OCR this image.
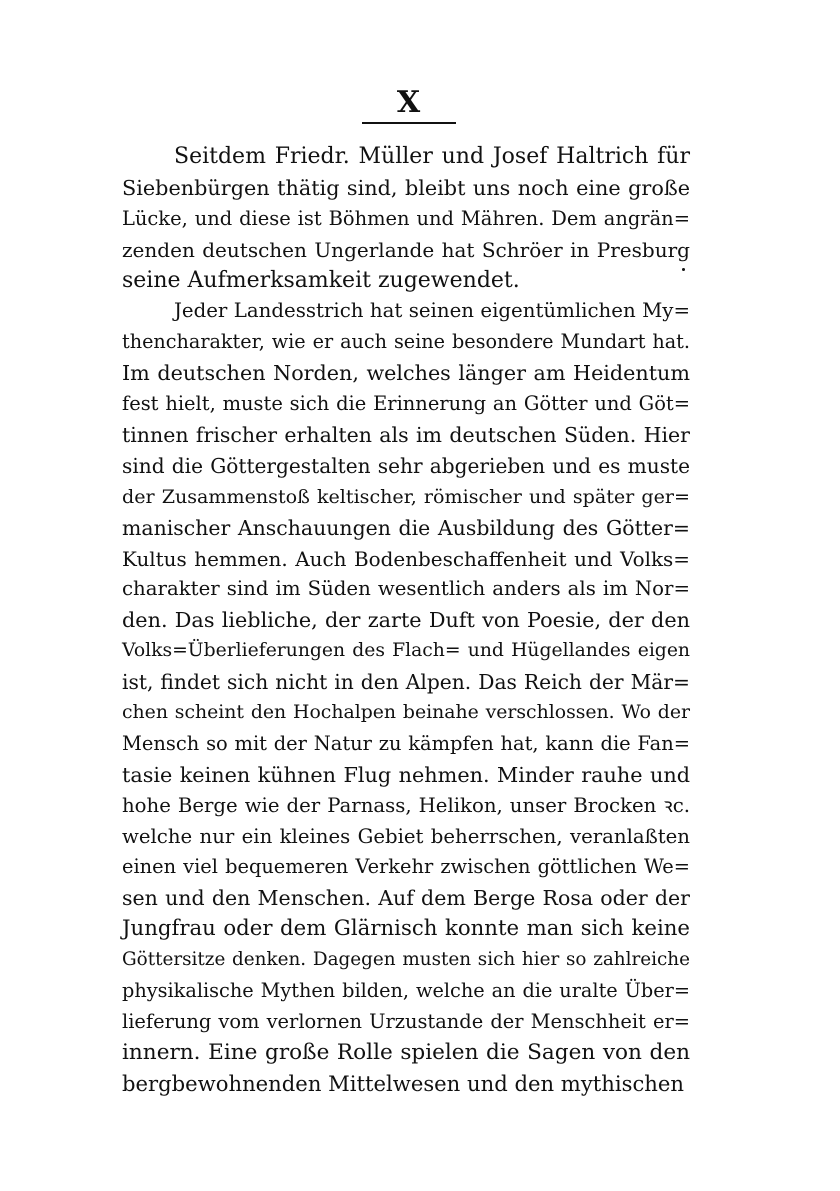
X
Seitdem Friedr. Müller und Josef Haltrich für
Siebenbürgen thätig sind, bleibt uns noch eine große
Lücke, und diese ist Böhmen und Mähren. Dem angrän=
zenden deutschen Ungerlande hat Schröer in Presburg
seine Aufmerksamkeit zugewendet.
Jeder Landesstrich hat seinen eigentümlichen My=
thencharakter, wie er auch seine besondere Mundart hat.
Im deutschen Norden, welches länger am Heidentum
fest hielt, muste sich die Erinnerung an Götter und Göt=
tinnen frischer erhalten als im deutschen Süden. Hier
sind die Göttergestalten sehr abgerieben und es muste
der Zusammenstoß keltischer, römischer und später ger=
manischer Anschauungen die Ausbildung des Götter=
Kultus hemmen. Auch Bodenbeschaffenheit und Volks=
charakter sind im Süden wesentlich anders als im Nor=
den. Das liebliche, der zarte Duft von Poesie, der den
Volks=Überlieferungen des Flach= und Hügellandes eigen
ist, findet sich nicht in den Alpen. Das Reich der Mär=
chen scheint den Hochalpen beinahe verschlossen. Wo der
Mensch so mit der Natur zu kämpfen hat, kann die Fan=
tasie keinen kühnen Flug nehmen. Minder rauhe und
hohe Berge wie der Parnass, Helikon, unser Brocken ꝛc.
welche nur ein kleines Gebiet beherrschen, veranlaßten
einen viel bequemeren Verkehr zwischen göttlichen We=
sen und den Menschen. Auf dem Berge Rosa oder der
Jungfrau oder dem Glärnisch konnte man sich keine
Göttersitze denken. Dagegen musten sich hier so zahlreiche
physikalische Mythen bilden, welche an die uralte Über=
lieferung vom verlornen Urzustande der Menschheit er=
innern. Eine große Rolle spielen die Sagen von den
bergbewohnenden Mittelwesen und den mythischen
